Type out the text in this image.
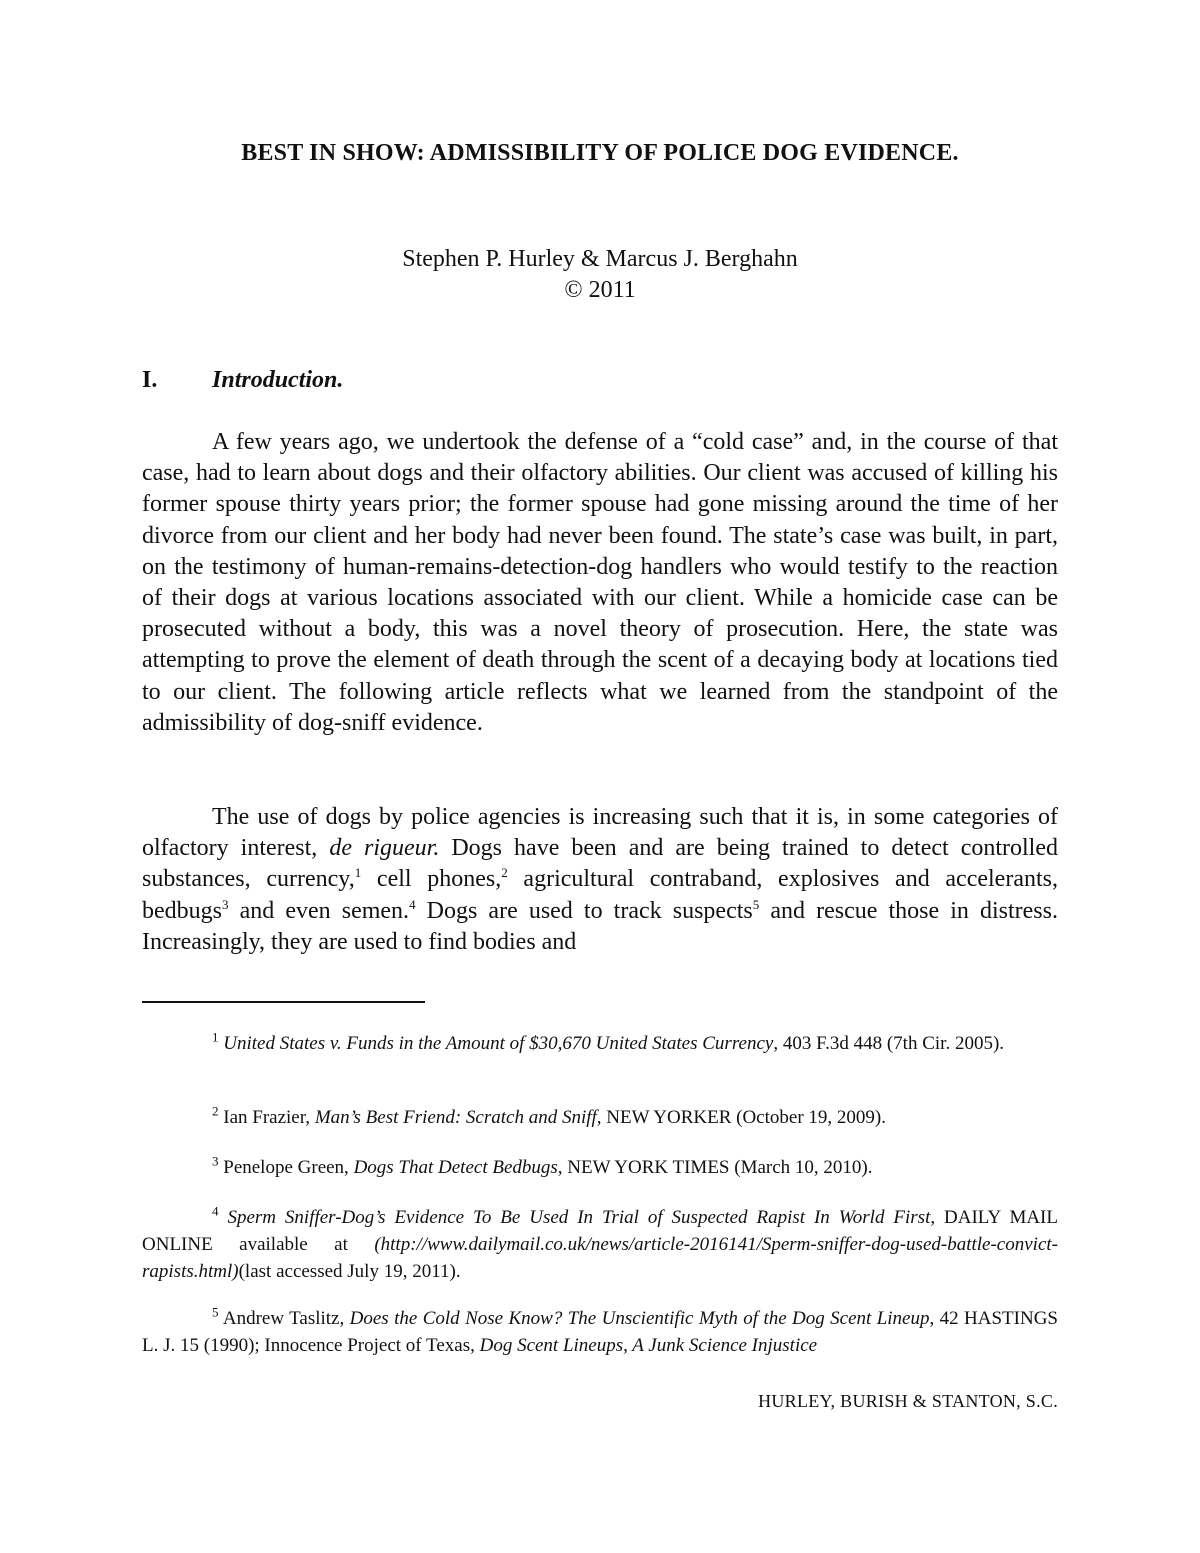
BEST IN SHOW: ADMISSIBILITY OF POLICE DOG EVIDENCE.
Stephen P. Hurley & Marcus J. Berghahn
© 2011
I. Introduction.

A few years ago, we undertook the defense of a “cold case” and, in the course of that case, had to learn about dogs and their olfactory abilities. Our client was accused of killing his former spouse thirty years prior; the former spouse had gone missing around the time of her divorce from our client and her body had never been found. The state’s case was built, in part, on the testimony of human-remains-detection-dog handlers who would testify to the reaction of their dogs at various locations associated with our client. While a homicide case can be prosecuted without a body, this was a novel theory of prosecution. Here, the state was attempting to prove the element of death through the scent of a decaying body at locations tied to our client. The following article reflects what we learned from the standpoint of the admissibility of dog-sniff evidence.

The use of dogs by police agencies is increasing such that it is, in some categories of olfactory interest, de rigueur. Dogs have been and are being trained to detect controlled substances, currency,$^1$ cell phones,$^2$ agricultural contraband, explosives and accelerants, bedbugs$^3$ and even semen.$^4$ Dogs are used to track suspects$^5$ and rescue those in distress. Increasingly, they are used to find bodies and

$^1$ United States v. Funds in the Amount of $30,670 United States Currency, 403 F.3d 448 (7th Cir. 2005).

$^2$ Ian Frazier, Man’s Best Friend: Scratch and Sniff, NEW YORKER (October 19, 2009).

$^3$ Penelope Green, Dogs That Detect Bedbugs, NEW YORK TIMES (March 10, 2010).

$^4$ Sperm Sniffer-Dog’s Evidence To Be Used In Trial of Suspected Rapist In World First, DAILY MAIL ONLINE available at (http://www.dailymail.co.uk/news/article-2016141/Sperm-sniffer-dog-used-battle-convict-rapists.html)(last accessed July 19, 2011).

$^5$ Andrew Taslitz, Does the Cold Nose Know? The Unscientific Myth of the Dog Scent Lineup, 42 HASTINGS L. J. 15 (1990); Innocence Project of Texas, Dog Scent Lineups, A Junk Science Injustice

HURLEY, BURISH & STANTON, S.C.
